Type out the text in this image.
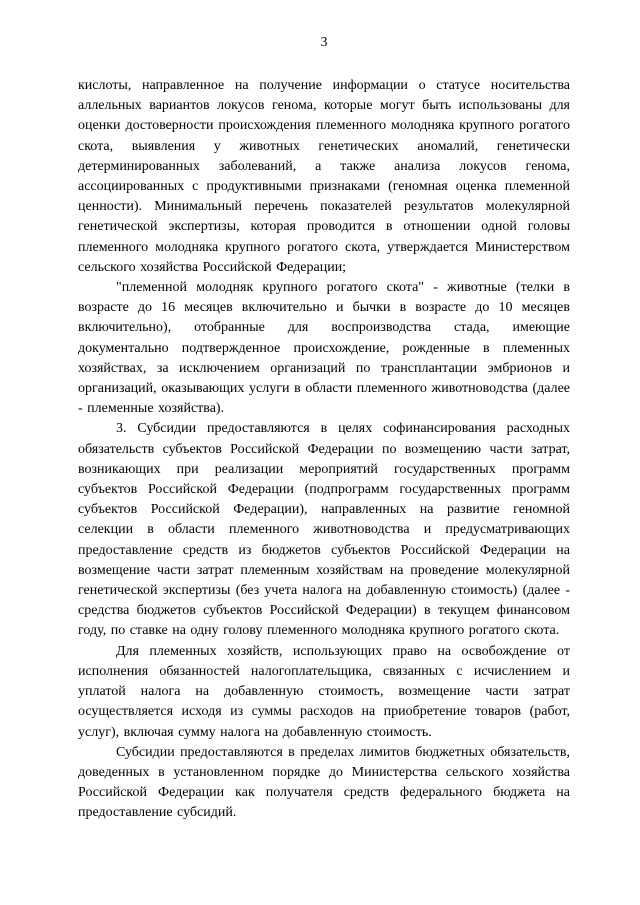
3

кислоты, направленное на получение информации о статусе носительства аллельных вариантов локусов генома, которые могут быть использованы для оценки достоверности происхождения племенного молодняка крупного рогатого скота, выявления у животных генетических аномалий, генетически детерминированных заболеваний, а также анализа локусов генома, ассоциированных с продуктивными признаками (геномная оценка племенной ценности). Минимальный перечень показателей результатов молекулярной генетической экспертизы, которая проводится в отношении одной головы племенного молодняка крупного рогатого скота, утверждается Министерством сельского хозяйства Российской Федерации;

"племенной молодняк крупного рогатого скота" - животные (телки в возрасте до 16 месяцев включительно и бычки в возрасте до 10 месяцев включительно), отобранные для воспроизводства стада, имеющие документально подтвержденное происхождение, рожденные в племенных хозяйствах, за исключением организаций по трансплантации эмбрионов и организаций, оказывающих услуги в области племенного животноводства (далее - племенные хозяйства).

3. Субсидии предоставляются в целях софинансирования расходных обязательств субъектов Российской Федерации по возмещению части затрат, возникающих при реализации мероприятий государственных программ субъектов Российской Федерации (подпрограмм государственных программ субъектов Российской Федерации), направленных на развитие геномной селекции в области племенного животноводства и предусматривающих предоставление средств из бюджетов субъектов Российской Федерации на возмещение части затрат племенным хозяйствам на проведение молекулярной генетической экспертизы (без учета налога на добавленную стоимость) (далее - средства бюджетов субъектов Российской Федерации) в текущем финансовом году, по ставке на одну голову племенного молодняка крупного рогатого скота.

Для племенных хозяйств, использующих право на освобождение от исполнения обязанностей налогоплательщика, связанных с исчислением и уплатой налога на добавленную стоимость, возмещение части затрат осуществляется исходя из суммы расходов на приобретение товаров (работ, услуг), включая сумму налога на добавленную стоимость.

Субсидии предоставляются в пределах лимитов бюджетных обязательств, доведенных в установленном порядке до Министерства сельского хозяйства Российской Федерации как получателя средств федерального бюджета на предоставление субсидий.
